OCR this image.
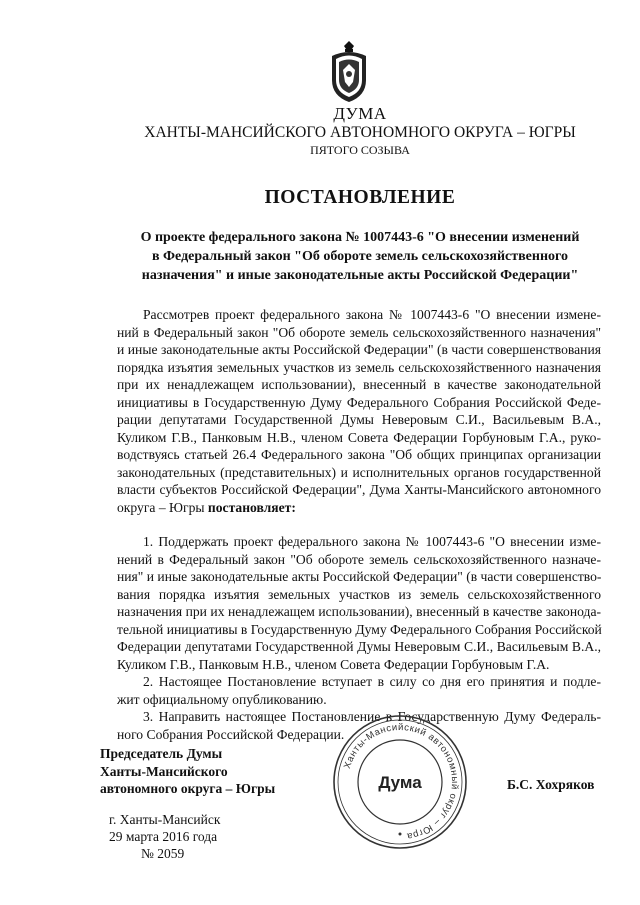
ДУМА
ХАНТЫ-МАНСИЙСКОГО АВТОНОМНОГО ОКРУГА – ЮГРЫ
ПЯТОГО СОЗЫВА
ПОСТАНОВЛЕНИЕ
О проекте федерального закона № 1007443-6 "О внесении изменений
в Федеральный закон "Об обороте земель сельскохозяйственного
назначения" и иные законодательные акты Российской Федерации"
Рассмотрев проект федерального закона № 1007443-6 "О внесении измене-
ний в Федеральный закон "Об обороте земель сельскохозяйственного назначения"
и иные законодательные акты Российской Федерации" (в части совершенствования
порядка изъятия земельных участков из земель сельскохозяйственного назначения
при их ненадлежащем использовании), внесенный в качестве законодательной
инициативы в Государственную Думу Федерального Собрания Российской Феде-
рации депутатами Государственной Думы Неверовым С.И., Васильевым В.А.,
Куликом Г.В., Панковым Н.В., членом Совета Федерации Горбуновым Г.А., руко-
водствуясь статьей 26.4 Федерального закона "Об общих принципах организации
законодательных (представительных) и исполнительных органов государственной
власти субъектов Российской Федерации", Дума Ханты-Мансийского автономного
округа – Югры постановляет:
1. Поддержать проект федерального закона № 1007443-6 "О внесении изме-
нений в Федеральный закон "Об обороте земель сельскохозяйственного назначе-
ния" и иные законодательные акты Российской Федерации" (в части совершенство-
вания порядка изъятия земельных участков из земель сельскохозяйственного
назначения при их ненадлежащем использовании), внесенный в качестве законода-
тельной инициативы в Государственную Думу Федерального Собрания Российской
Федерации депутатами Государственной Думы Неверовым С.И., Васильевым В.А.,
Куликом Г.В., Панковым Н.В., членом Совета Федерации Горбуновым Г.А.
2. Настоящее Постановление вступает в силу со дня его принятия и подле-
жит официальному опубликованию.
3. Направить настоящее Постановление в Государственную Думу Федераль-
ного Собрания Российской Федерации.
Ханты-Мансийский автономный округ – Югра
Дума
Председатель Думы
Ханты-Мансийского
автономного округа – Югры	Б.С. Хохряков
г. Ханты-Мансийск
29 марта 2016 года
№ 2059
